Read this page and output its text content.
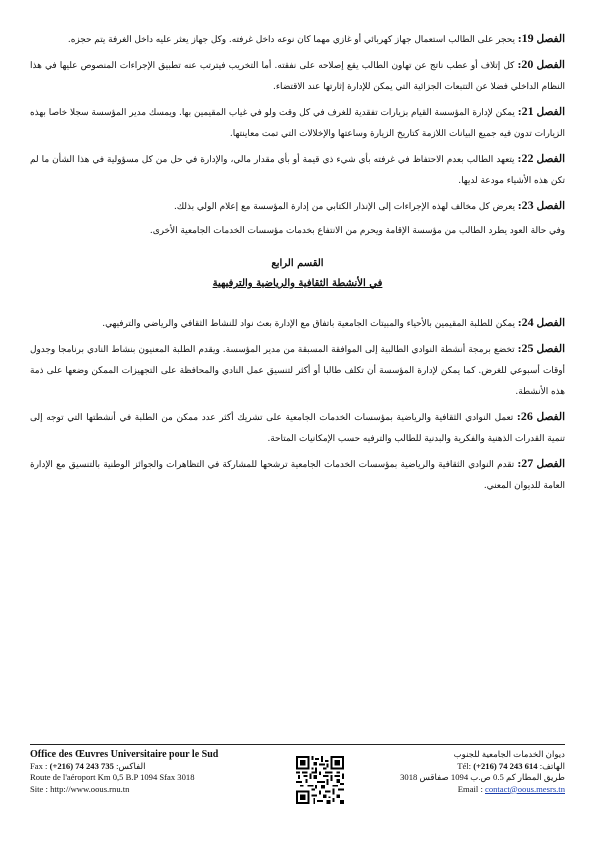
الفصل 19: يحجر على الطالب استعمال جهاز كهربائي أو غازي مهما كان نوعه داخل غرفته. وكل جهاز يعثر عليه داخل الغرفة يتم حجزه.

الفصل 20: كل إتلاف أو عطب ناتج عن تهاون الطالب يقع إصلاحه على نفقته. أما التخريب فيترتب عنه تطبيق الإجراءات المنصوص عليها في هذا النظام الداخلي فضلا عن التتبعات الجزائية التي يمكن للإدارة إثارتها عند الاقتضاء.

الفصل 21: يمكن لإدارة المؤسسة القيام بزيارات تفقدية للغرف في كل وقت ولو في غياب المقيمين بها. ويمسك مدير المؤسسة سجلا خاصا بهذه الزيارات تدون فيه جميع البيانات اللازمة كتاريخ الزيارة وساعتها والإخلالات التي تمت معاينتها.

الفصل 22: يتعهد الطالب بعدم الاحتفاظ في غرفته بأي شيء ذي قيمة أو بأي مقدار مالي، والإدارة في حل من كل مسؤولية في هذا الشأن ما لم تكن هذه الأشياء مودعة لديها.

الفصل 23: يعرض كل مخالف لهذه الإجراءات إلى الإنذار الكتابي من إدارة المؤسسة مع إعلام الولي بذلك.

وفي حالة العود يطرد الطالب من مؤسسة الإقامة ويحرم من الانتفاع بخدمات مؤسسات الخدمات الجامعية الأخرى.

القسم الرابع
في الأنشطة الثقافية والرياضية والترفيهية

الفصل 24: يمكن للطلبة المقيمين بالأحياء والمبيتات الجامعية باتفاق مع الإدارة بعث نواد للنشاط الثقافي والرياضي والترفيهي.

الفصل 25: تخضع برمجة أنشطة النوادي الطالبية إلى الموافقة المسبقة من مدير المؤسسة. ويقدم الطلبة المعنيون بنشاط النادي برنامجا وجدول أوقات أسبوعي للغرض. كما يمكن لإدارة المؤسسة أن تكلف طالبا أو أكثر لتنسيق عمل النادي والمحافظة على التجهيزات الممكن وضعها على ذمة هذه الأنشطة.

الفصل 26: تعمل النوادي الثقافية والرياضية بمؤسسات الخدمات الجامعية على تشريك أكثر عدد ممكن من الطلبة في أنشطتها التي توجه إلى تنمية القدرات الذهنية والفكرية والبدنية للطالب والترفيه حسب الإمكانيات المتاحة.

الفصل 27: تقدم النوادي الثقافية والرياضية بمؤسسات الخدمات الجامعية ترشحها للمشاركة في التظاهرات والجوائز الوطنية بالتنسيق مع الإدارة العامة للديوان المعني.

Office des Œuvres Universitaire pour le Sud
Fax : (+216) 74 243 735 الفاكس:
Route de l'aéroport Km 0,5 B.P 1094 Sfax 3018
Site : http://www.oous.rnu.tn
ديوان الخدمات الجامعية للجنوب
Tél: (+216) 74 243 614 الهاتف:
طريق المطار كم 0.5 ص.ب 1094 صفاقس 3018
Email : contact@oous.mesrs.tn
